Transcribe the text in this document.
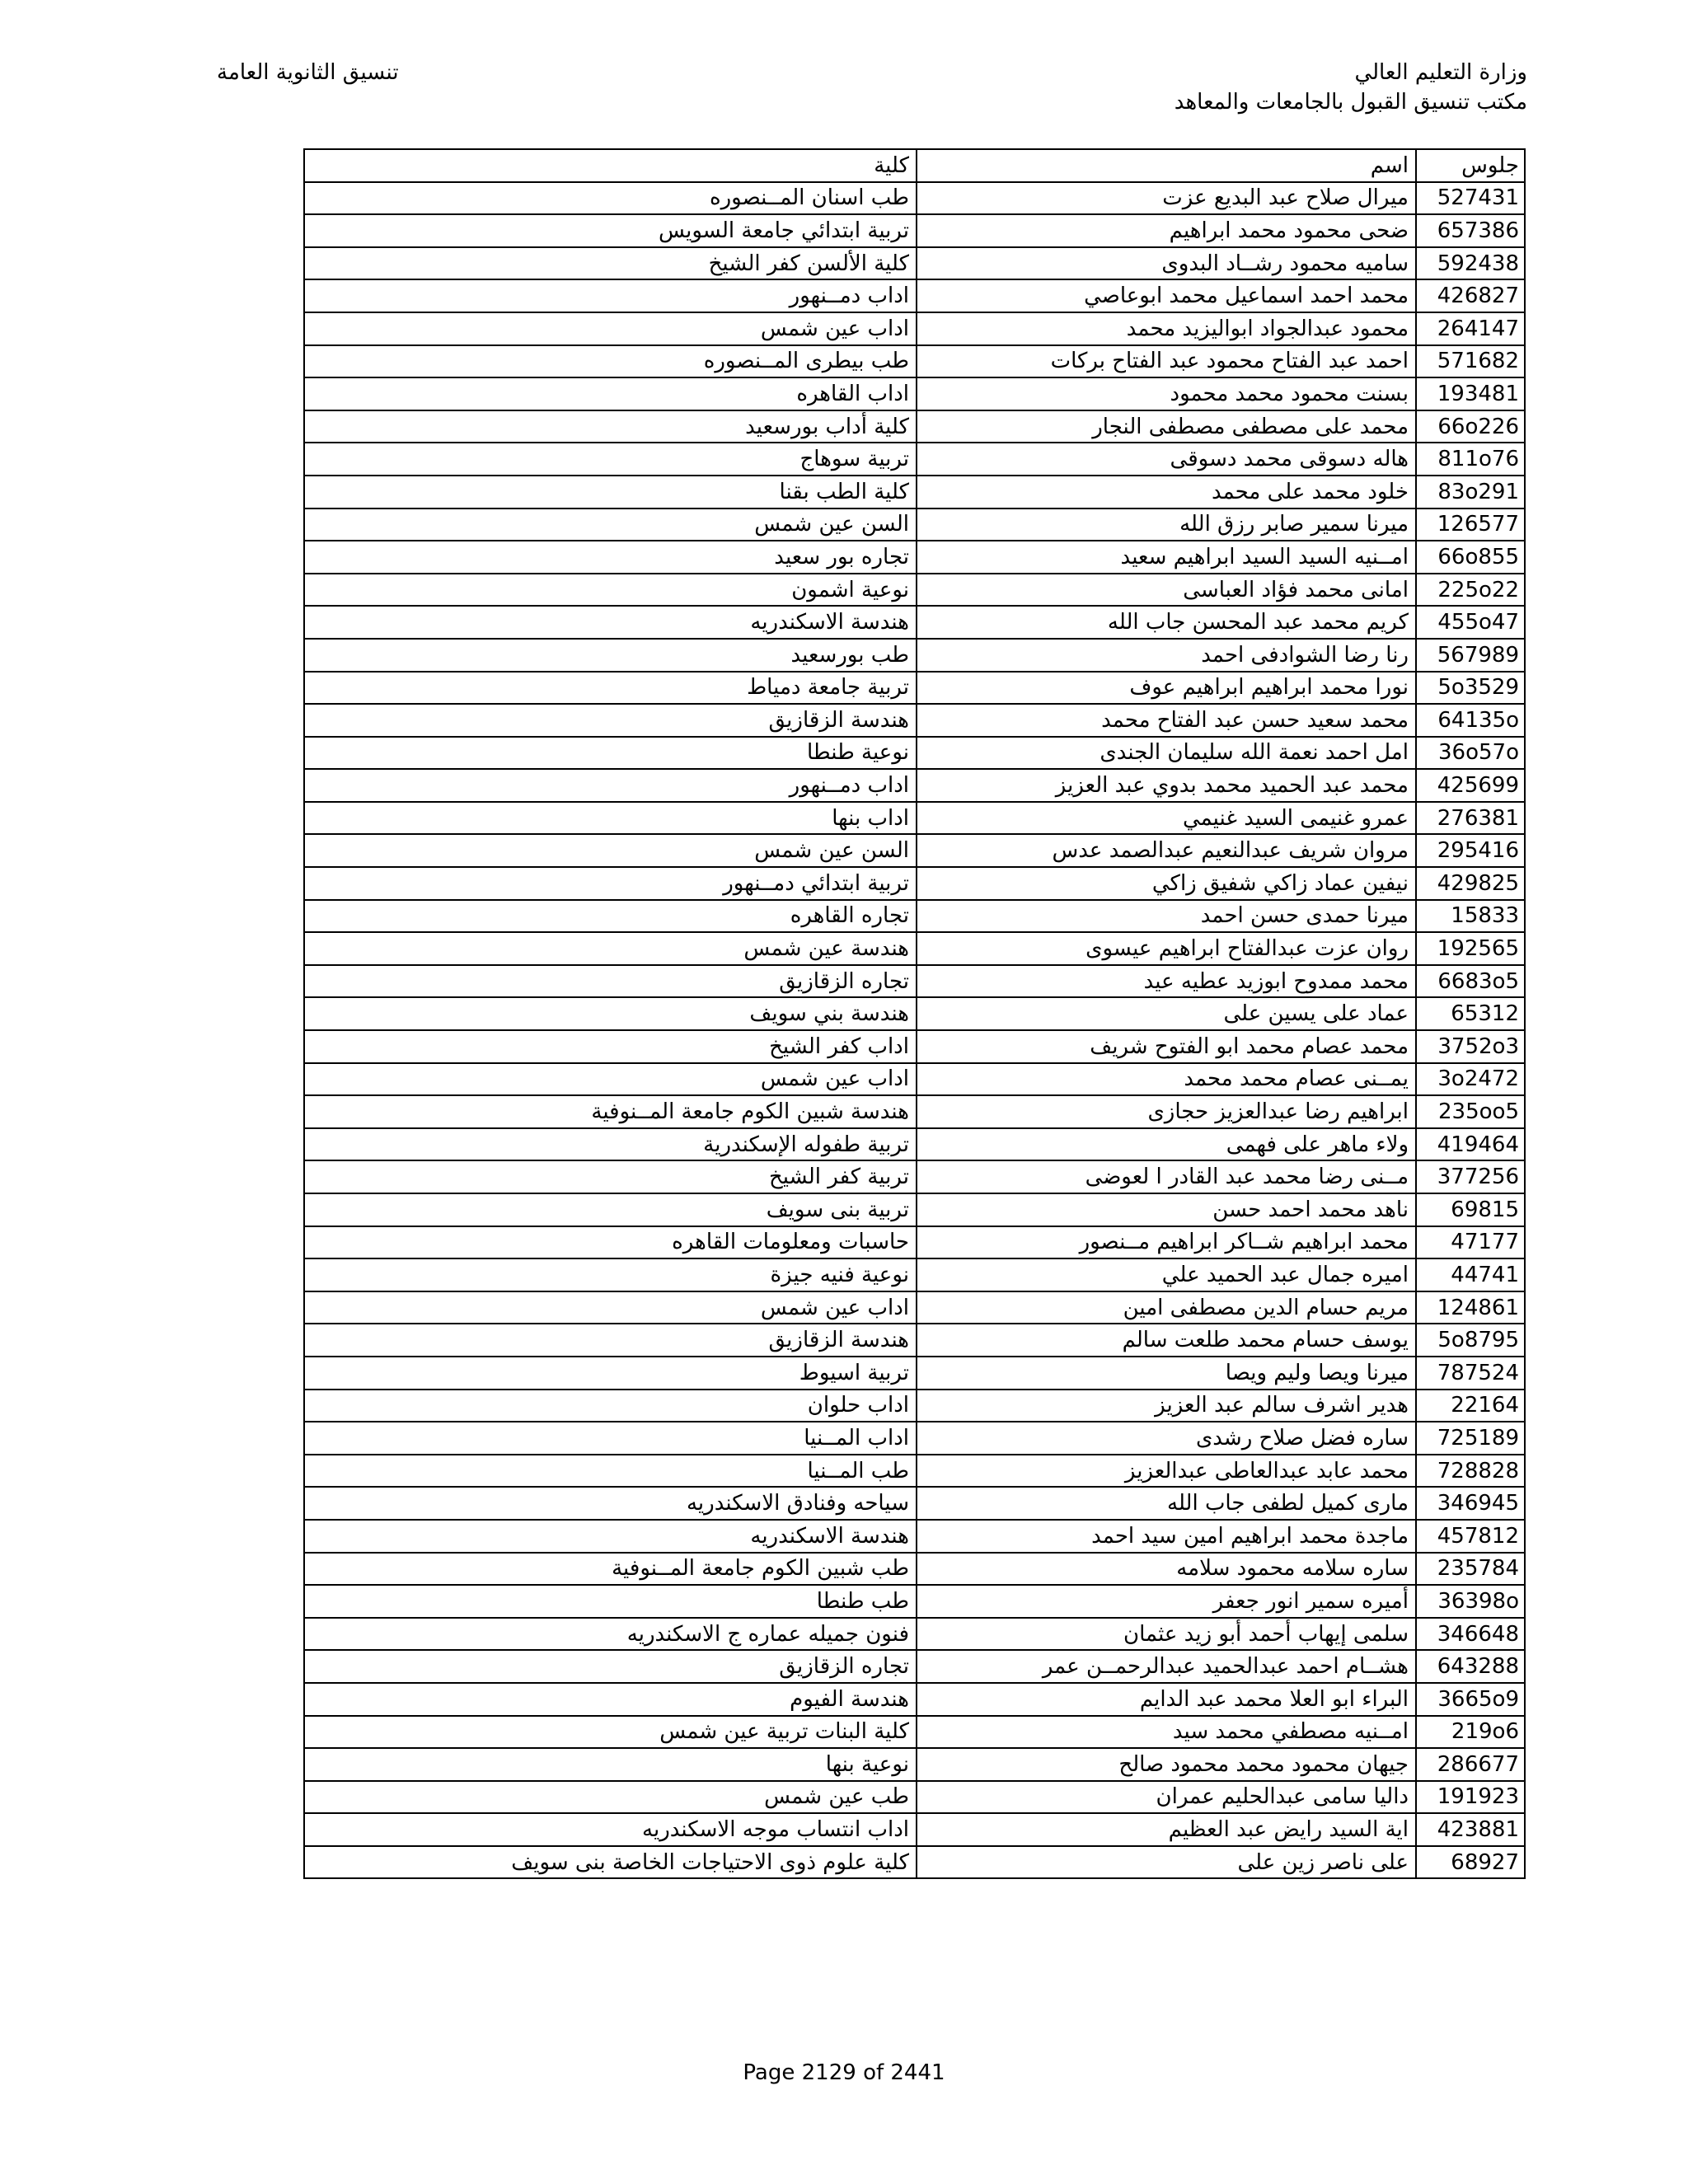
وزارة التعليم العالي
مكتب تنسيق القبول بالجامعات والمعاهد
تنسيق الثانوية العامة
جلوس	اسم	كلية
527431	ميرال صلاح عبد البديع عزت	طب اسنان المــنصوره
657386	ضحى محمود محمد ابراهيم	تربية ابتدائي جامعة السويس
592438	ساميه محمود رشــاد البدوى	كلية الألسن كفر الشيخ
426827	محمد احمد اسماعيل محمد ابوعاصي	اداب دمــنهور
264147	محمود عبدالجواد ابواليزيد محمد	اداب عين شمس
571682	احمد عبد الفتاح محمود عبد الفتاح بركات	طب بيطرى المــنصوره
193481	بسنت محمود محمد محمود	اداب القاهره
66o226	محمد على مصطفى مصطفى النجار	كلية أداب بورسعيد
811o76	هاله دسوقى محمد دسوقى	تربية سوهاج
83o291	خلود محمد على محمد	كلية الطب بقنا
126577	ميرنا سمير صابر رزق الله	السن عين شمس
66o855	امــنيه السيد السيد ابراهيم سعيد	تجاره بور سعيد
225o22	امانى محمد فؤاد العباسى	نوعية اشمون
455o47	كريم محمد عبد المحسن جاب الله	هندسة الاسكندريه
567989	رنا رضا الشوادفى احمد	طب بورسعيد
5o3529	نورا محمد ابراهيم ابراهيم عوف	تربية جامعة دمياط
64135o	محمد سعيد حسن عبد الفتاح محمد	هندسة الزقازيق
36o57o	امل احمد نعمة الله سليمان الجندى	نوعية طنطا
425699	محمد عبد الحميد محمد بدوي عبد العزيز	اداب دمــنهور
276381	عمرو غنيمى السيد غنيمي	اداب بنها
295416	مروان شريف عبدالنعيم عبدالصمد عدس	السن عين شمس
429825	نيفين عماد زاكي شفيق زاكي	تربية ابتدائي دمــنهور
15833	ميرنا حمدى حسن احمد	تجاره القاهره
192565	روان عزت عبدالفتاح ابراهيم عيسوى	هندسة عين شمس
6683o5	محمد ممدوح ابوزيد عطيه عيد	تجاره الزقازيق
65312	عماد على يسين على	هندسة بني سويف
3752o3	محمد عصام محمد ابو الفتوح شريف	اداب كفر الشيخ
3o2472	يمــنى عصام محمد محمد	اداب عين شمس
235oo5	ابراهيم رضا عبدالعزيز حجازى	هندسة شبين الكوم جامعة المــنوفية
419464	ولاء ماهر على فهمى	تربية طفوله الإسكندرية
377256	مــنى رضا محمد عبد القادر ا لعوضى	تربية كفر الشيخ
69815	ناهد محمد احمد حسن	تربية بنى سويف
47177	محمد ابراهيم شــاكر ابراهيم مــنصور	حاسبات ومعلومات القاهره
44741	اميره جمال عبد الحميد علي	نوعية فنيه جيزة
124861	مريم حسام الدين مصطفى امين	اداب عين شمس
5o8795	يوسف حسام محمد طلعت سالم	هندسة الزقازيق
787524	ميرنا ويصا وليم ويصا	تربية اسيوط
22164	هدير اشرف سالم عبد العزيز	اداب حلوان
725189	ساره فضل صلاح رشدى	اداب المــنيا
728828	محمد عابد عبدالعاطى عبدالعزيز	طب المــنيا
346945	مارى كميل لطفى جاب الله	سياحه وفنادق الاسكندريه
457812	ماجدة محمد ابراهيم امين سيد احمد	هندسة الاسكندريه
235784	ساره سلامه محمود سلامه	طب شبين الكوم جامعة المــنوفية
36398o	أميره سمير انور جعفر	طب طنطا
346648	سلمى إيهاب أحمد أبو زيد عثمان	فنون جميله عماره ج الاسكندريه
643288	هشــام احمد عبدالحميد عبدالرحمــن عمر	تجاره الزقازيق
3665o9	البراء ابو العلا محمد عبد الدايم	هندسة الفيوم
219o6	امــنيه مصطفي محمد سيد	كلية البنات تربية عين شمس
286677	جيهان محمود محمد محمود صالح	نوعية بنها
191923	داليا سامى عبدالحليم عمران	طب عين شمس
423881	اية السيد رايض عبد العظيم	اداب انتساب موجه الاسكندريه
68927	على ناصر زين على	كلية علوم ذوى الاحتياجات الخاصة بنى سويف
Page 2129 of 2441
